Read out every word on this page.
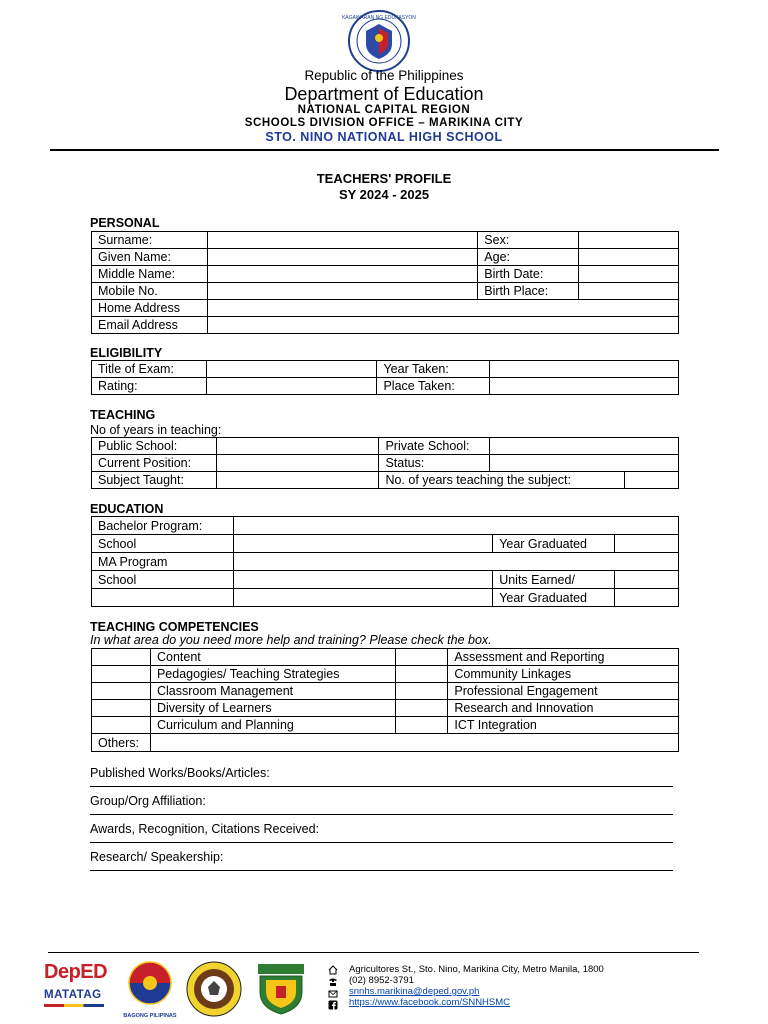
KAGAWARAN NG EDUKASYON
Republic of the Philippines
Department of Education
NATIONAL CAPITAL REGION
SCHOOLS DIVISION OFFICE – MARIKINA CITY
STO. NINO NATIONAL HIGH SCHOOL
TEACHERS' PROFILE
SY 2024 - 2025
PERSONAL
Surname:		Sex:	
Given Name:		Age:	
Middle Name:		Birth Date:	
Mobile No.		Birth Place:	
Home Address			
Email Address			
ELIGIBILITY
Title of Exam:		Year Taken:	
Rating:		Place Taken:	
TEACHING
No of years in teaching:
Public School:		Private School:		
Current Position:		Status:		
Subject Taught:		No. of years teaching the subject:		
EDUCATION
Bachelor Program:			
School		Year Graduated	
MA Program			
School		Units Earned/	
		Year Graduated	
TEACHING COMPETENCIES
In what area do you need more help and training? Please check the box.
	Content		Assessment and Reporting
	Pedagogies/ Teaching Strategies		Community Linkages
	Classroom Management		Professional Engagement
	Diversity of Learners		Research and Innovation
	Curriculum and Planning		ICT Integration
Others:			
Published Works/Books/Articles:
Group/Org Affiliation:
Awards, Recognition, Citations Received:
Research/ Speakership:
DepED
MATATAG
BAGONG PILIPINAS
Agricultores St., Sto. Nino, Marikina City, Metro Manila, 1800
(02) 8952-3791
snnhs.marikina@deped.gov.ph
https://www.facebook.com/SNNHSMC
